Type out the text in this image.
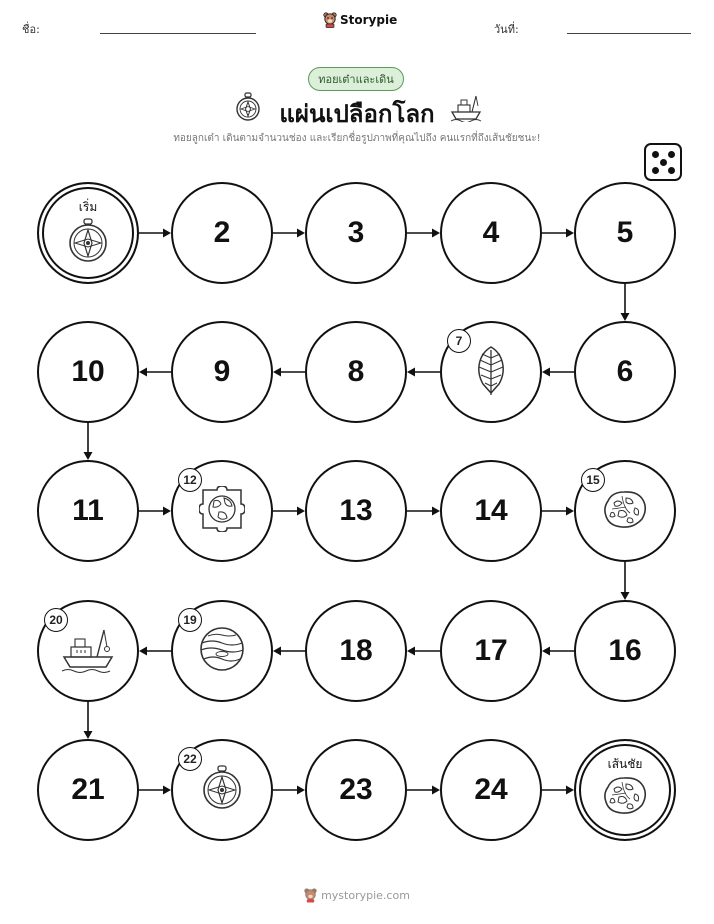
ชื่อ:
Storypie
วันที่:
ทอยเต๋าและเดิน
แผ่นเปลือกโลก
ทอยลูกเต๋า เดินตามจำนวนช่อง และเรียกชื่อรูปภาพที่คุณไปถึง คนแรกที่ถึงเส้นชัยชนะ!
เริ่ม
2	3	4	5
6
7
8
9
10
11
12
13	14
15
16
17
18
19
20
21
22
23	24
เส้นชัย
mystorypie.com
